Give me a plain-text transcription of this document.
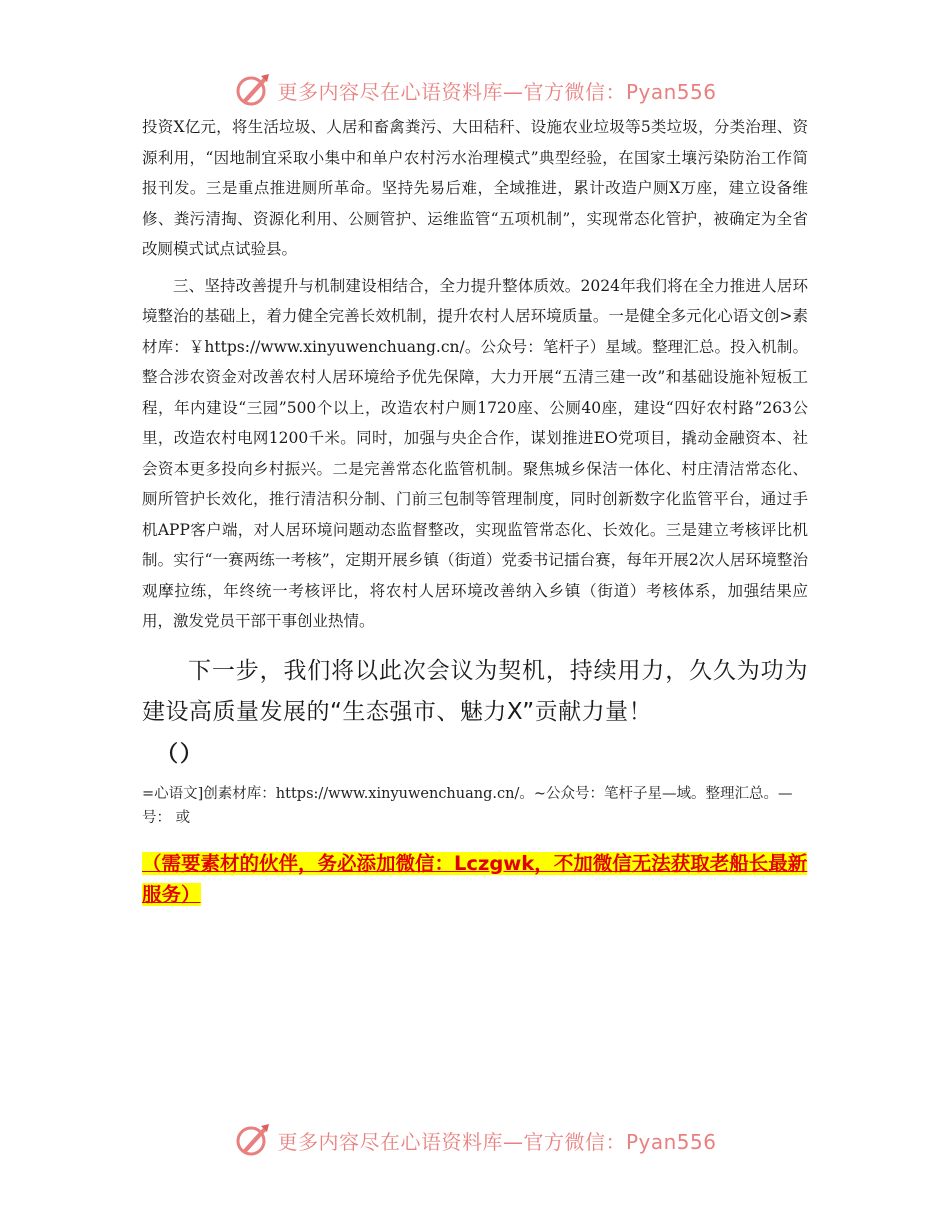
更多内容尽在心语资料库—官方微信：Pyan556

投资X亿元，将生活垃圾、人居和畜禽粪污、大田秸秆、设施农业垃圾等5类垃圾，分类治理、资源利用，“因地制宜采取小集中和单户农村污水治理模式”典型经验，在国家土壤污染防治工作简报刊发。三是重点推进厕所革命。坚持先易后难，全域推进，累计改造户厕X万座，建立设备维修、粪污清掏、资源化利用、公厕管护、运维监管“五项机制”，实现常态化管护，被确定为全省改厕模式试点试验县。

三、坚持改善提升与机制建设相结合，全力提升整体质效。2024年我们将在全力推进人居环境整治的基础上，着力健全完善长效机制，提升农村人居环境质量。一是健全多元化心语文创>素材库：￥https://www.xinyuwenchuang.cn/。公众号：笔杆子）星域。整理汇总。投入机制。整合涉农资金对改善农村人居环境给予优先保障，大力开展“五清三建一改”和基础设施补短板工程，年内建设“三园”500个以上，改造农村户厕1720座、公厕40座，建设“四好农村路”263公里，改造农村电网1200千米。同时，加强与央企合作，谋划推进EO党项目，撬动金融资本、社会资本更多投向乡村振兴。二是完善常态化监管机制。聚焦城乡保洁一体化、村庄清洁常态化、厕所管护长效化，推行清洁积分制、门前三包制等管理制度，同时创新数字化监管平台，通过手机APP客户端，对人居环境问题动态监督整改，实现监管常态化、长效化。三是建立考核评比机制。实行“一赛两练一考核”，定期开展乡镇（街道）党委书记擂台赛，每年开展2次人居环境整治观摩拉练，年终统一考核评比，将农村人居环境改善纳入乡镇（街道）考核体系，加强结果应用，激发党员干部干事创业热情。

下一步，我们将以此次会议为契机，持续用力，久久为功为建设高质量发展的“生态强市、魅力X”贡献力量！

（）

=心语文]创素材库：https://www.xinyuwenchuang.cn/。~公众号：笔杆子星—域。整理汇总。—号： 或

（需要素材的伙伴，务必添加微信：Lczgwk，不加微信无法获取老船长最新服务）
更多内容尽在心语资料库—官方微信：Pyan556
